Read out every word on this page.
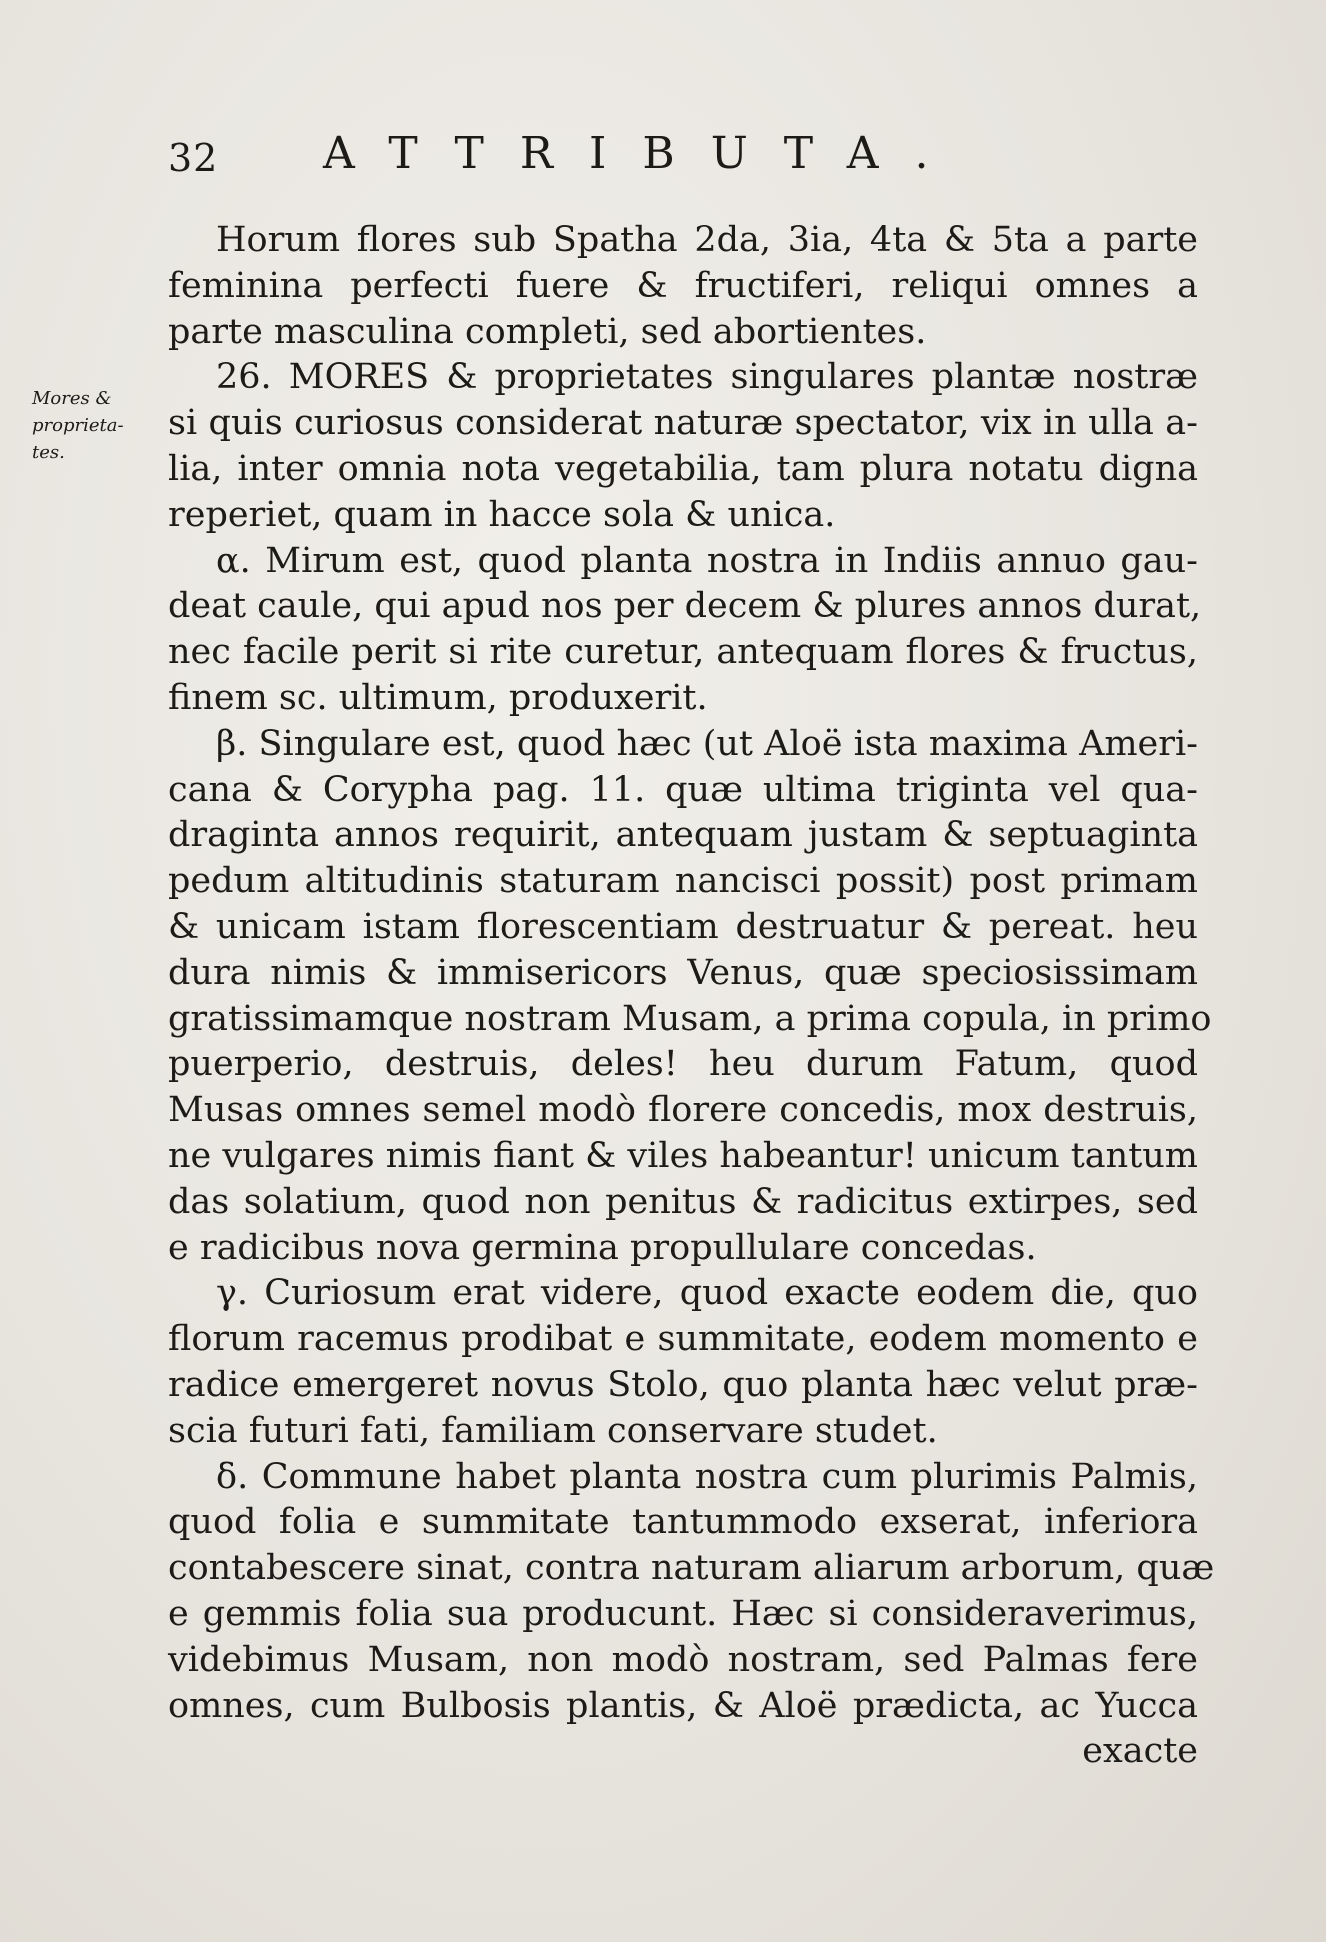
32 ATTRIBUTA.
Mores &
proprieta-
tes.
Horum flores sub Spatha 2da, 3ia, 4ta & 5ta a parte
feminina perfecti fuere & fructiferi, reliqui omnes a
parte masculina completi, sed abortientes.
26. MORES & proprietates singulares plantæ nostræ
si quis curiosus considerat naturæ spectator, vix in ulla a-
lia, inter omnia nota vegetabilia, tam plura notatu digna
reperiet, quam in hacce sola & unica.
α. Mirum est, quod planta nostra in Indiis annuo gau-
deat caule, qui apud nos per decem & plures annos durat,
nec facile perit si rite curetur, antequam flores & fructus,
finem sc. ultimum, produxerit.
β. Singulare est, quod hæc (ut Aloë ista maxima Ameri-
cana & Corypha pag. 11. quæ ultima triginta vel qua-
draginta annos requirit, antequam justam & septuaginta
pedum altitudinis staturam nancisci possit) post primam
& unicam istam florescentiam destruatur & pereat. heu
dura nimis & immisericors Venus, quæ speciosissimam
gratissimamque nostram Musam, a prima copula, in primo
puerperio, destruis, deles! heu durum Fatum, quod
Musas omnes semel modò florere concedis, mox destruis,
ne vulgares nimis fiant & viles habeantur! unicum tantum
das solatium, quod non penitus & radicitus extirpes, sed
e radicibus nova germina propullulare concedas.
γ. Curiosum erat videre, quod exacte eodem die, quo
florum racemus prodibat e summitate, eodem momento e
radice emergeret novus Stolo, quo planta hæc velut præ-
scia futuri fati, familiam conservare studet.
δ. Commune habet planta nostra cum plurimis Palmis,
quod folia e summitate tantummodo exserat, inferiora
contabescere sinat, contra naturam aliarum arborum, quæ
e gemmis folia sua producunt. Hæc si consideraverimus,
videbimus Musam, non modò nostram, sed Palmas fere
omnes, cum Bulbosis plantis, & Aloë prædicta, ac Yucca
exacte
